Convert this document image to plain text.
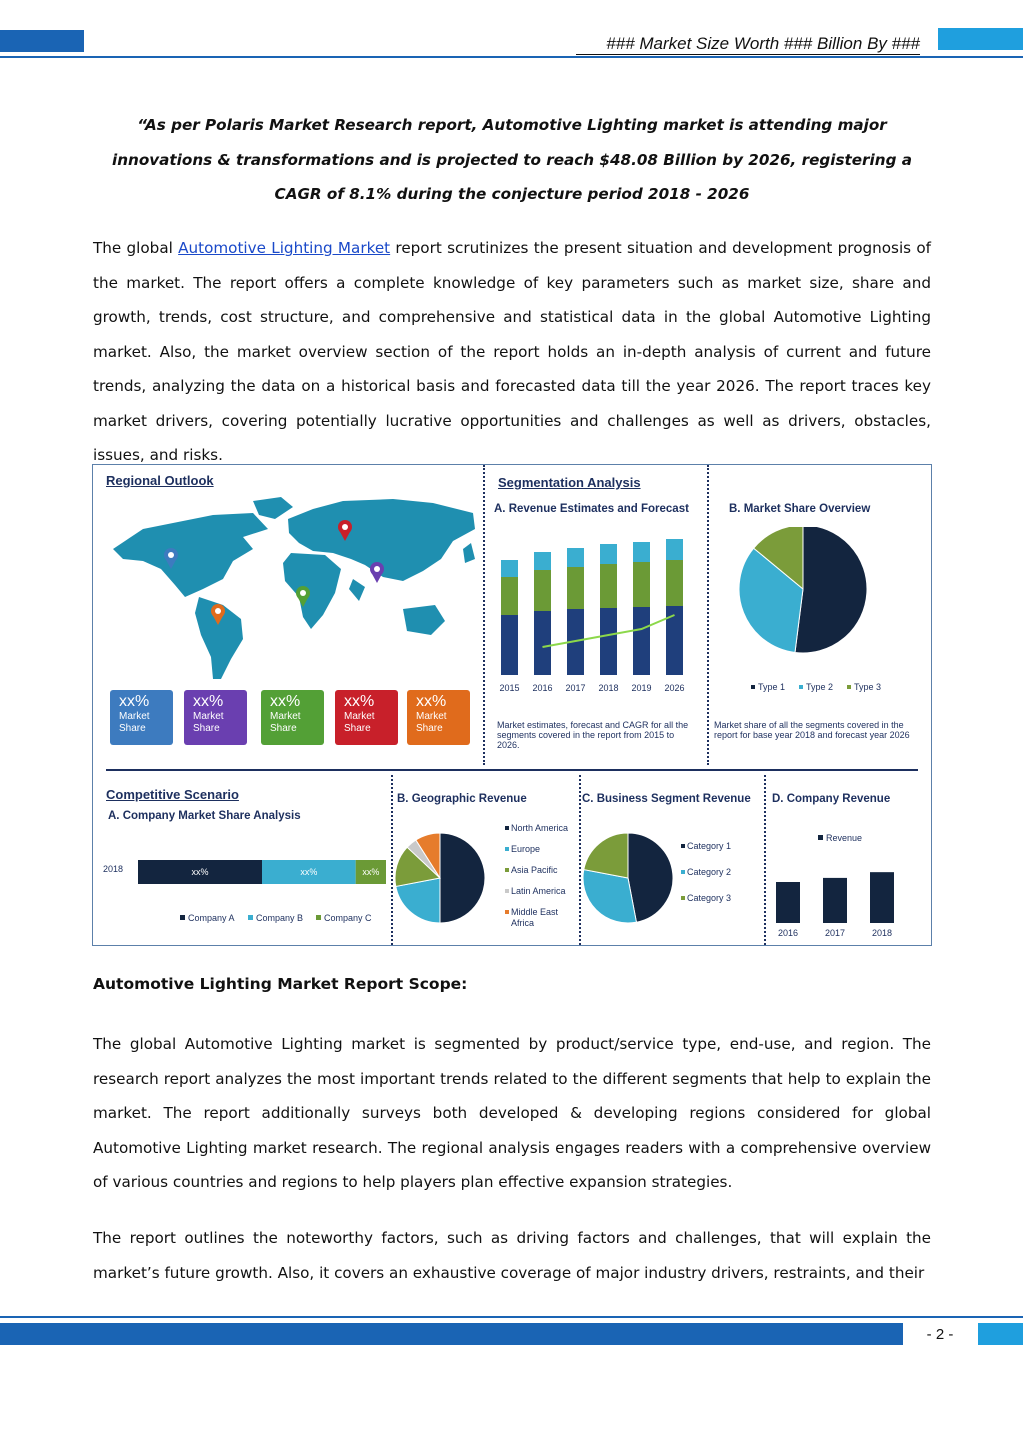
### Market Size Worth ### Billion By ###
“As per Polaris Market Research report, Automotive Lighting market is attending major innovations & transformations and is projected to reach $48.08 Billion by 2026, registering a CAGR of 8.1% during the conjecture period 2018 - 2026
The global Automotive Lighting Market report scrutinizes the present situation and development prognosis of the market. The report offers a complete knowledge of key parameters such as market size, share and growth, trends, cost structure, and comprehensive and statistical data in the global Automotive Lighting market. Also, the market overview section of the report holds an in-depth analysis of current and future trends, analyzing the data on a historical basis and forecasted data till the year 2026. The report traces key market drivers, covering potentially lucrative opportunities and challenges as well as drivers, obstacles, issues, and risks.
Regional Outlook
xx%
Market
Share
xx%
Market
Share
xx%
Market
Share
xx%
Market
Share
xx%
Market
Share
Segmentation Analysis
A. Revenue Estimates and Forecast
2015 2016 2017 2018 2019 2026
Market estimates, forecast and CAGR for all the segments covered in the report from 2015 to 2026.
B. Market Share Overview
Type 1 Type 2 Type 3
Market share of all the segments covered in the report for base year 2018 and forecast year 2026
Competitive Scenario
A. Company Market Share Analysis
2018	xx%	xx%	xx%
Company A Company B Company C
B. Geographic Revenue
North America
Europe
Asia Pacific
Latin America
Middle East
Africa
C. Business Segment Revenue
Category 1
Category 2
Category 3
D. Company Revenue
Revenue
2016	2017	2018
Automotive Lighting Market Report Scope:
The global Automotive Lighting market is segmented by product/service type, end-use, and region. The research report analyzes the most important trends related to the different segments that help to explain the market. The report additionally surveys both developed & developing regions considered for global Automotive Lighting market research. The regional analysis engages readers with a comprehensive overview of various countries and regions to help players plan effective expansion strategies.
The report outlines the noteworthy factors, such as driving factors and challenges, that will explain the market’s future growth. Also, it covers an exhaustive coverage of major industry drivers, restraints, and their
- 2 -
